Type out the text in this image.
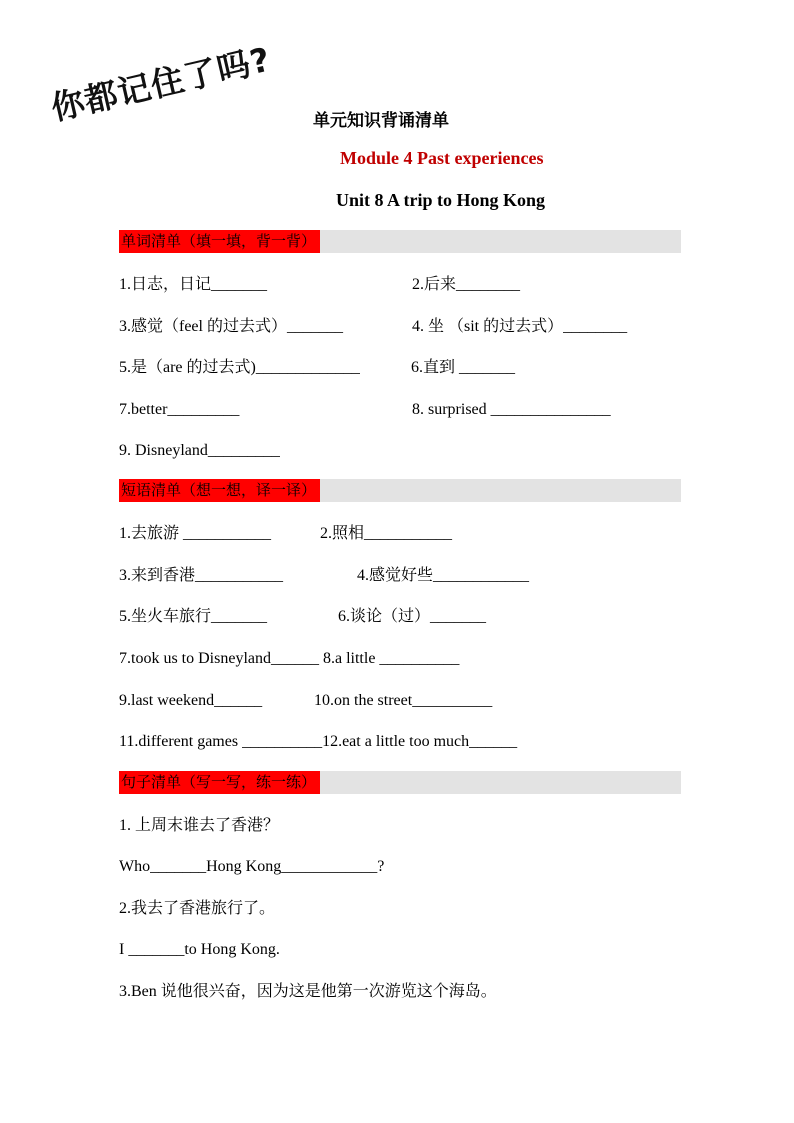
你都记住了吗? 单元知识背诵清单
Module 4 Past experiences
Unit 8 A trip to Hong Kong
单词清单（填一填，背一背）
1.日志，日记_______	2.后来________
3.感觉（feel 的过去式）_______	4. 坐 （sit 的过去式）________
5.是（are 的过去式)_____________	6.直到 _______
7.better_________	8. surprised _______________
9. Disneyland_________
短语清单（想一想，译一译）
1.去旅游 ___________	2.照相___________
3.来到香港___________	4.感觉好些____________
5.坐火车旅行_______	6.谈论（过）_______
7.took us to Disneyland______ 8.a little __________
9.last weekend______	10.on the street__________
11.different games __________12.eat a little too much______
句子清单（写一写，练一练）
1. 上周末谁去了香港？
Who_______Hong Kong____________?
2.我去了香港旅行了。
I _______to Hong Kong.
3.Ben 说他很兴奋，因为这是他第一次游览这个海岛。
